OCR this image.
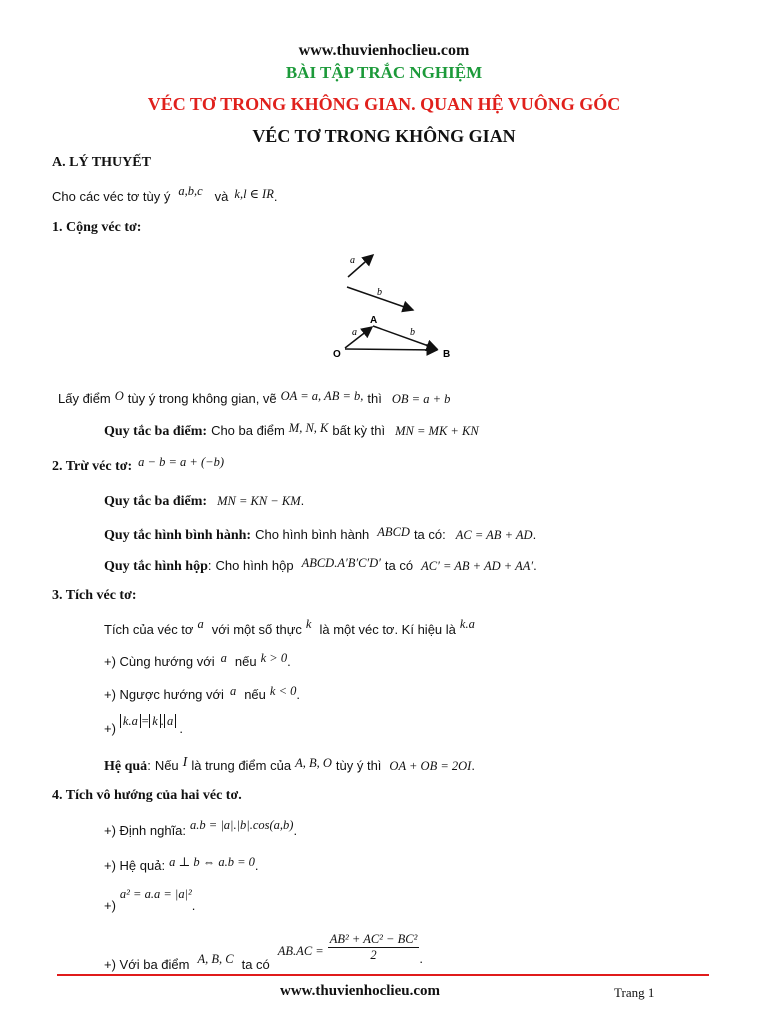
www.thuvienhoclieu.com
BÀI TẬP TRẮC NGHIỆM
VÉC TƠ TRONG KHÔNG GIAN. QUAN HỆ VUÔNG GÓC
VÉC TƠ TRONG KHÔNG GIAN
A. LÝ THUYẾT
Cho các véc tơ tùy ý $^{a,b,c}$ và k,l ∈ IR.
1. Cộng véc tơ:
a
b
a	b
A
O	B
Lấy điểm O tùy ý trong không gian, vẽ OA = a, AB = b, thì OB = a + b
Quy tắc ba điểm: Cho ba điểm M, N, K bất kỳ thì MN = MK + KN
2. Trừ véc tơ: $^{a - b = a + (-b)}$
Quy tắc ba điểm: MN = KN − KM.
Quy tắc hình bình hành: Cho hình bình hành ABCD ta có: AC = AB + AD.
Quy tắc hình hộp: Cho hình hộp ABCD.A′B′C′D′ ta có AC′ = AB + AD + AA′.
3. Tích véc tơ:
Tích của véc tơ $^a$ với một số thực $^k$ là một véc tơ. Kí hiệu là $^{k.a}$
+) Cùng hướng với $^a$ nếu $^{k > 0}$.
+) Ngược hướng với $^a$ nếu $^{k < 0}$.
+) $^{k.a = k . a}$ .
Hệ quả: Nếu I là trung điểm của A, B, O tùy ý thì OA + OB = 2OI.
4. Tích vô hướng của hai véc tơ.
+) Định nghĩa: $^{a.b = |a|.|b|.cos(a,b)}$.
+) Hệ quả: $^{a \perp b \Leftrightarrow a.b = 0}$.
+) $^{a^2 = a.a = |a|^2}$.
$_{+) Với ba điểm}$ $_{A, B, C}$ $_{ta có}$ $_{AB.AC =} \frac{\text{AB² + AC² − BC²}}{2} _.$
www.thuvienhoclieu.com	Trang 1
